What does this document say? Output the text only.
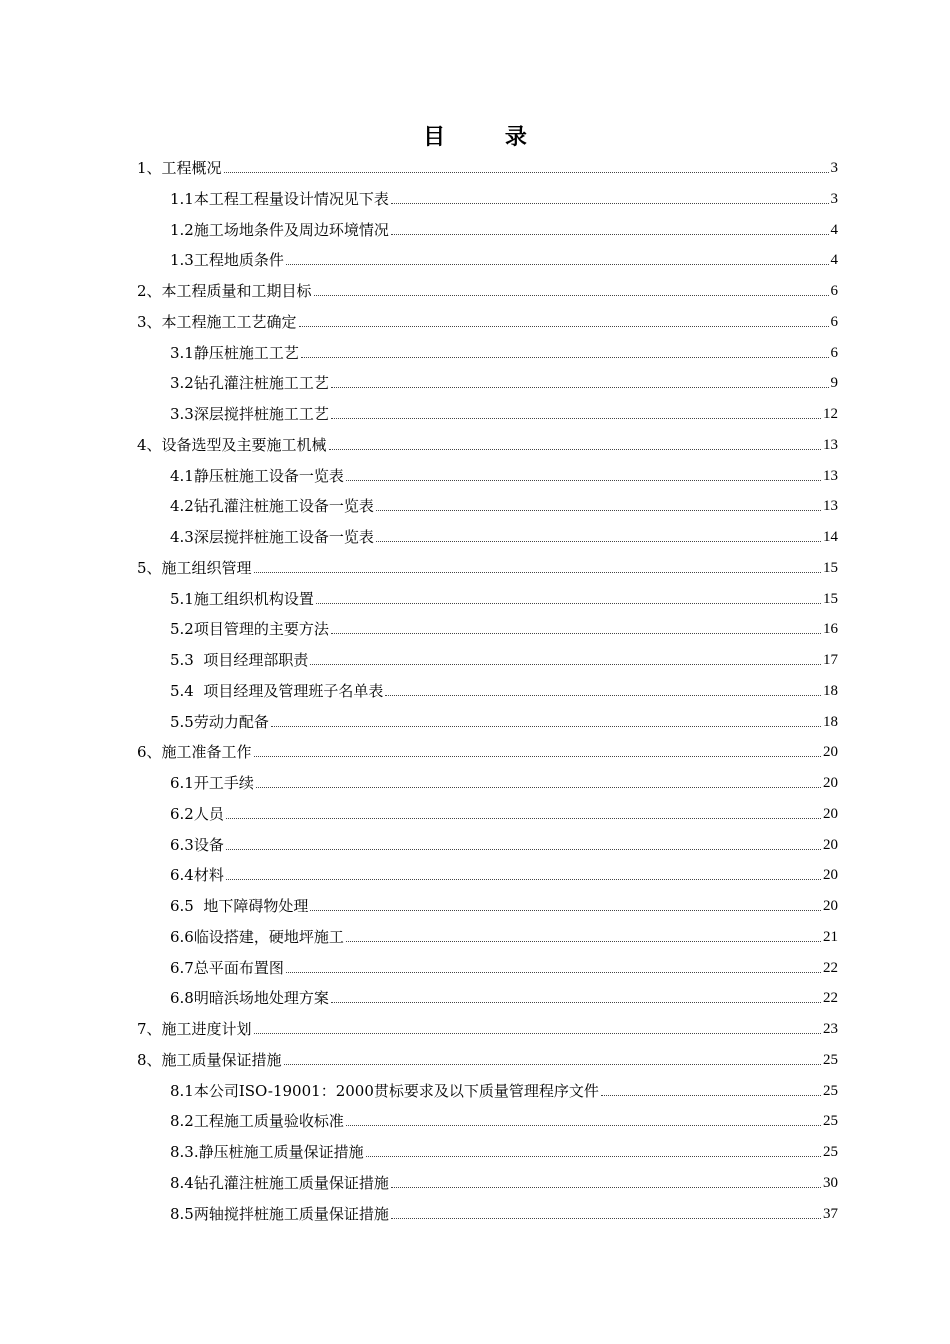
目	录
1、工程概况	3
1.1本工程工程量设计情况见下表	3
1.2施工场地条件及周边环境情况	4
1.3工程地质条件	4
2、本工程质量和工期目标	6
3、本工程施工工艺确定	6
3.1静压桩施工工艺	6
3.2钻孔灌注桩施工工艺	9
3.3深层搅拌桩施工工艺	12
4、设备选型及主要施工机械	13
4.1静压桩施工设备一览表	13
4.2钻孔灌注桩施工设备一览表	13
4.3深层搅拌桩施工设备一览表	14
5、施工组织管理	15
5.1施工组织机构设置	15
5.2项目管理的主要方法	16
5.3  项目经理部职责	17
5.4  项目经理及管理班子名单表	18
5.5劳动力配备	18
6、施工准备工作	20
6.1开工手续	20
6.2人员	20
6.3设备	20
6.4材料	20
6.5  地下障碍物处理	20
6.6临设搭建，硬地坪施工	21
6.7总平面布置图	22
6.8明暗浜场地处理方案	22
7、施工进度计划	23
8、施工质量保证措施	25
8.1本公司ISO-19001：2000贯标要求及以下质量管理程序文件	25
8.2工程施工质量验收标准	25
8.3.静压桩施工质量保证措施	25
8.4钻孔灌注桩施工质量保证措施	30
8.5两轴搅拌桩施工质量保证措施	37
